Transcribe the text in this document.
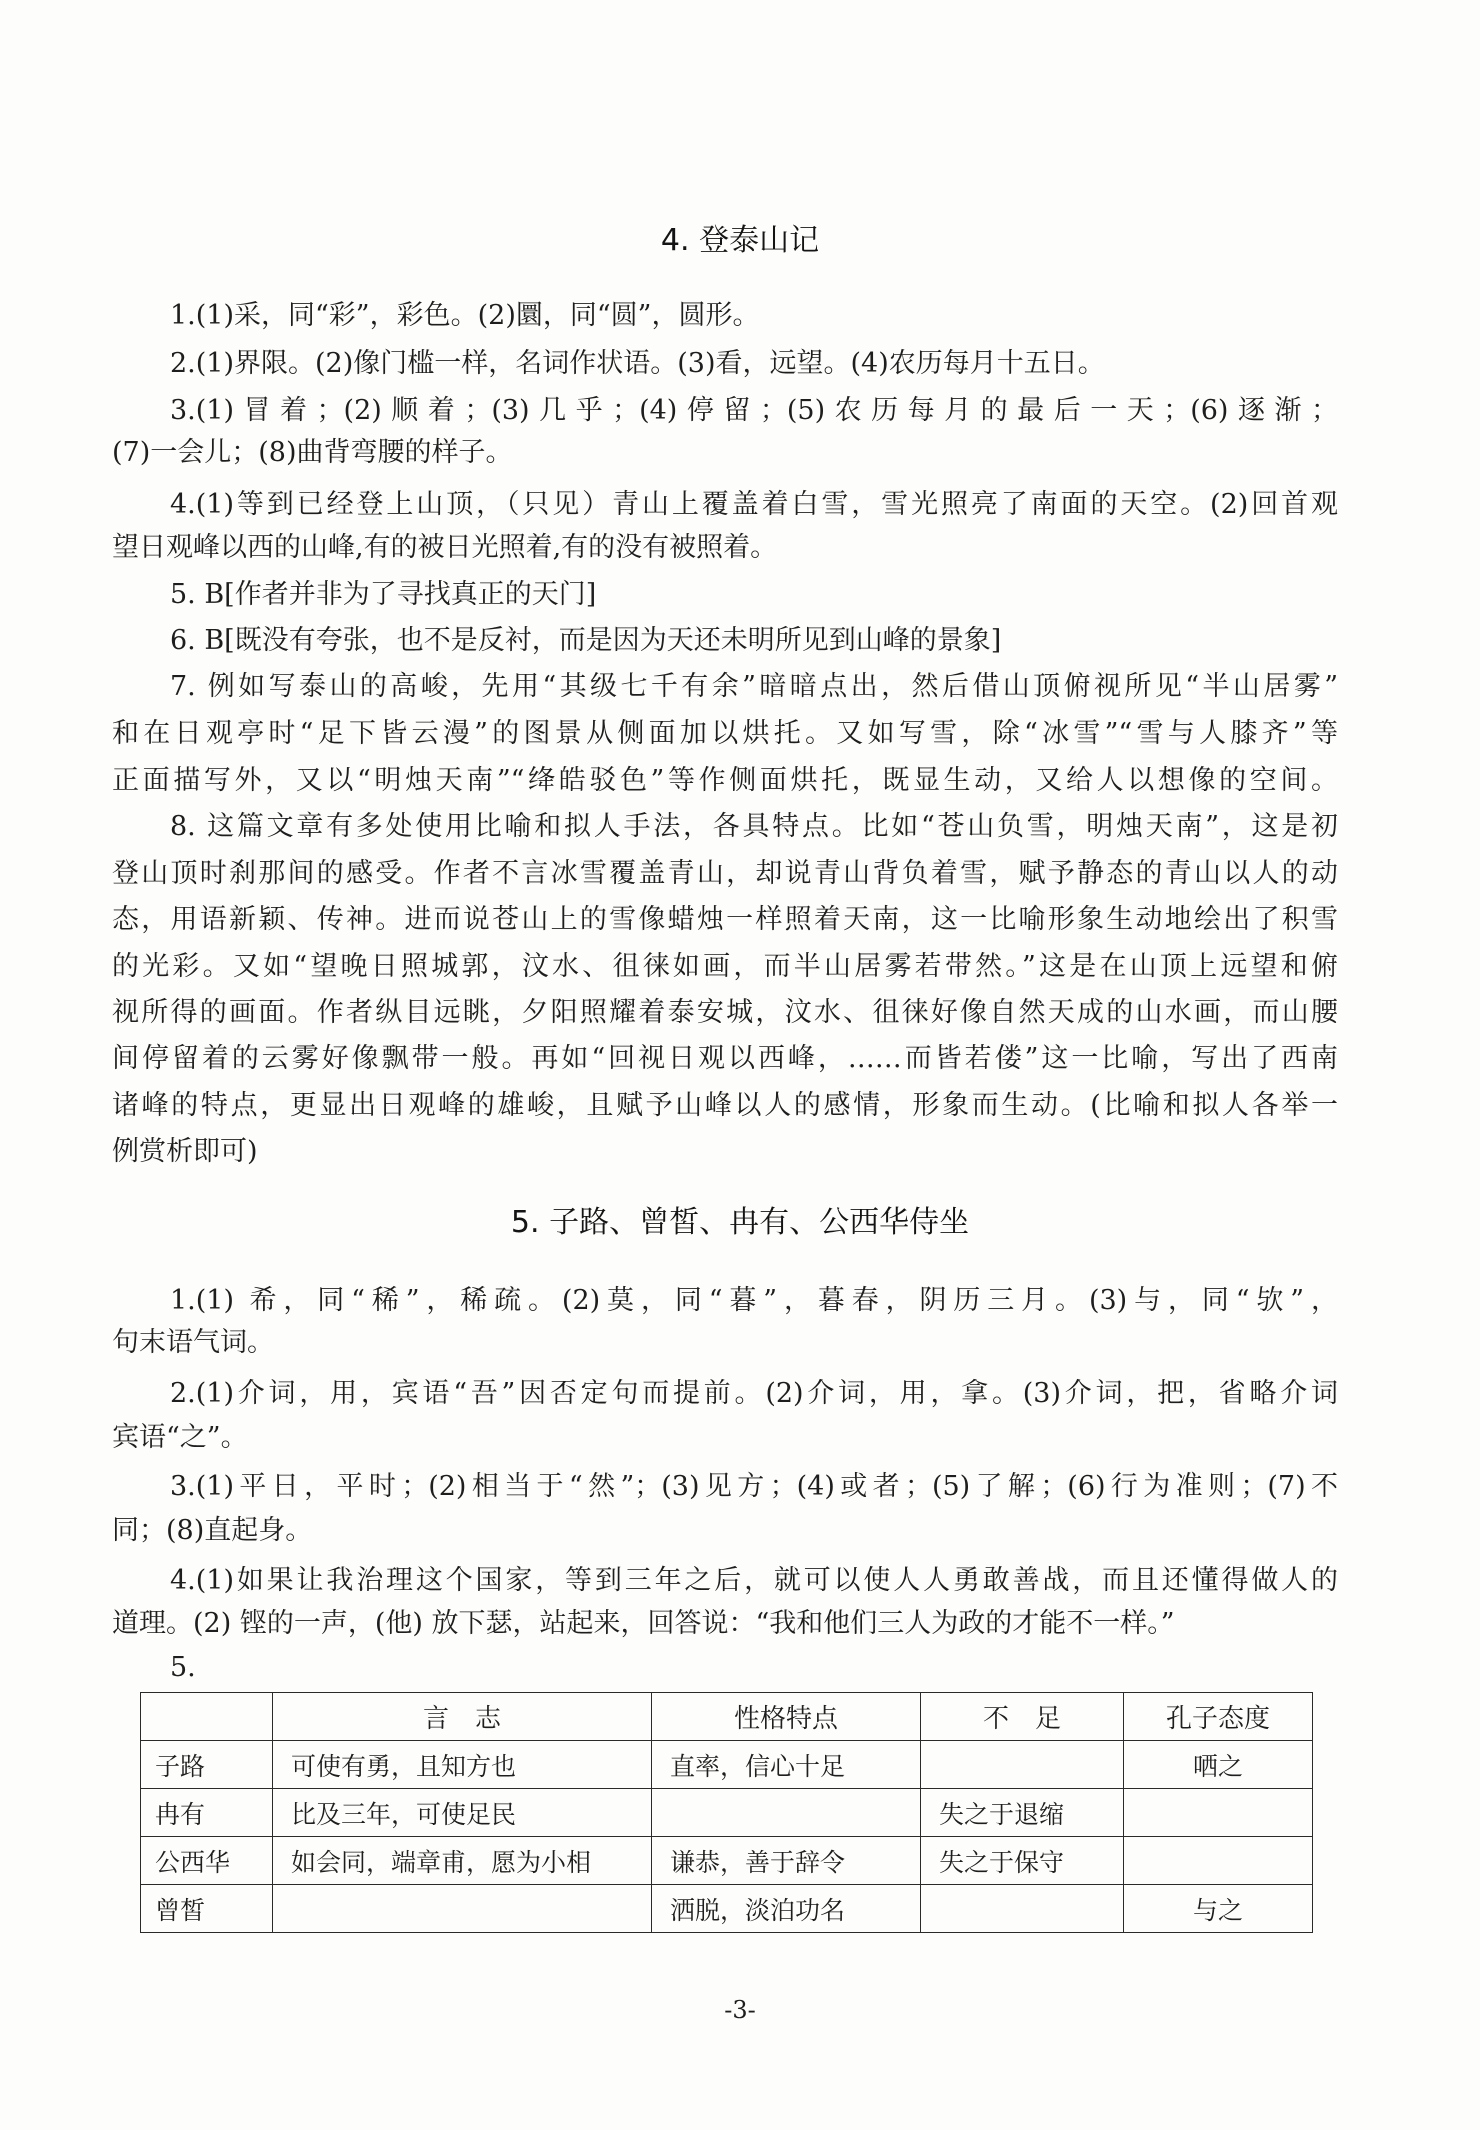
4. 登泰山记
1.(1)采，同“彩”，彩色。(2)圜，同“圆”，圆形。
2.(1)界限。(2)像门槛一样，名词作状语。(3)看，远望。(4)农历每月十五日。
3.(1)冒着；(2)顺着；(3)几乎；(4)停留；(5)农历每月的最后一天；(6)逐渐；
(7)一会儿；(8)曲背弯腰的样子。
4.(1)等到已经登上山顶，（只见）青山上覆盖着白雪，雪光照亮了南面的天空。(2)回首观
望日观峰以西的山峰,有的被日光照着,有的没有被照着。
5. B[作者并非为了寻找真正的天门]
6. B[既没有夸张，也不是反衬，而是因为天还未明所见到山峰的景象]
7. 例如写泰山的高峻，先用“其级七千有余”暗暗点出，然后借山顶俯视所见“半山居雾”
和在日观亭时“足下皆云漫”的图景从侧面加以烘托。又如写雪，除“冰雪”“雪与人膝齐”等
正面描写外，又以“明烛天南”“绛皓驳色”等作侧面烘托，既显生动，又给人以想像的空间。
8. 这篇文章有多处使用比喻和拟人手法，各具特点。比如“苍山负雪，明烛天南”，这是初
登山顶时刹那间的感受。作者不言冰雪覆盖青山，却说青山背负着雪，赋予静态的青山以人的动
态，用语新颖、传神。进而说苍山上的雪像蜡烛一样照着天南，这一比喻形象生动地绘出了积雪
的光彩。又如“望晚日照城郭，汶水、徂徕如画，而半山居雾若带然。”这是在山顶上远望和俯
视所得的画面。作者纵目远眺，夕阳照耀着泰安城，汶水、徂徕好像自然天成的山水画，而山腰
间停留着的云雾好像飘带一般。再如“回视日观以西峰，……而皆若偻”这一比喻，写出了西南
诸峰的特点，更显出日观峰的雄峻，且赋予山峰以人的感情，形象而生动。(比喻和拟人各举一
例赏析即可)
5. 子路、曾皙、冉有、公西华侍坐
1.(1) 希，同“稀”，稀疏。(2)莫，同“暮”，暮春，阴历三月。(3)与，同“欤”，
句末语气词。
2.(1)介词，用，宾语“吾”因否定句而提前。(2)介词，用，拿。(3)介词，把，省略介词
宾语“之”。
3.(1)平日，平时；(2)相当于“然”；(3)见方；(4)或者；(5)了解；(6)行为准则；(7)不
同；(8)直起身。
4.(1)如果让我治理这个国家，等到三年之后，就可以使人人勇敢善战，而且还懂得做人的
道理。(2) 铿的一声，(他) 放下瑟，站起来，回答说：“我和他们三人为政的才能不一样。”
5.
	言　志	性格特点	不　足	孔子态度
子路	可使有勇，且知方也	直率，信心十足		哂之
冉有	比及三年，可使足民		失之于退缩	
公西华	如会同，端章甫，愿为小相	谦恭，善于辞令	失之于保守	
曾皙		洒脱，淡泊功名		与之
-3-
